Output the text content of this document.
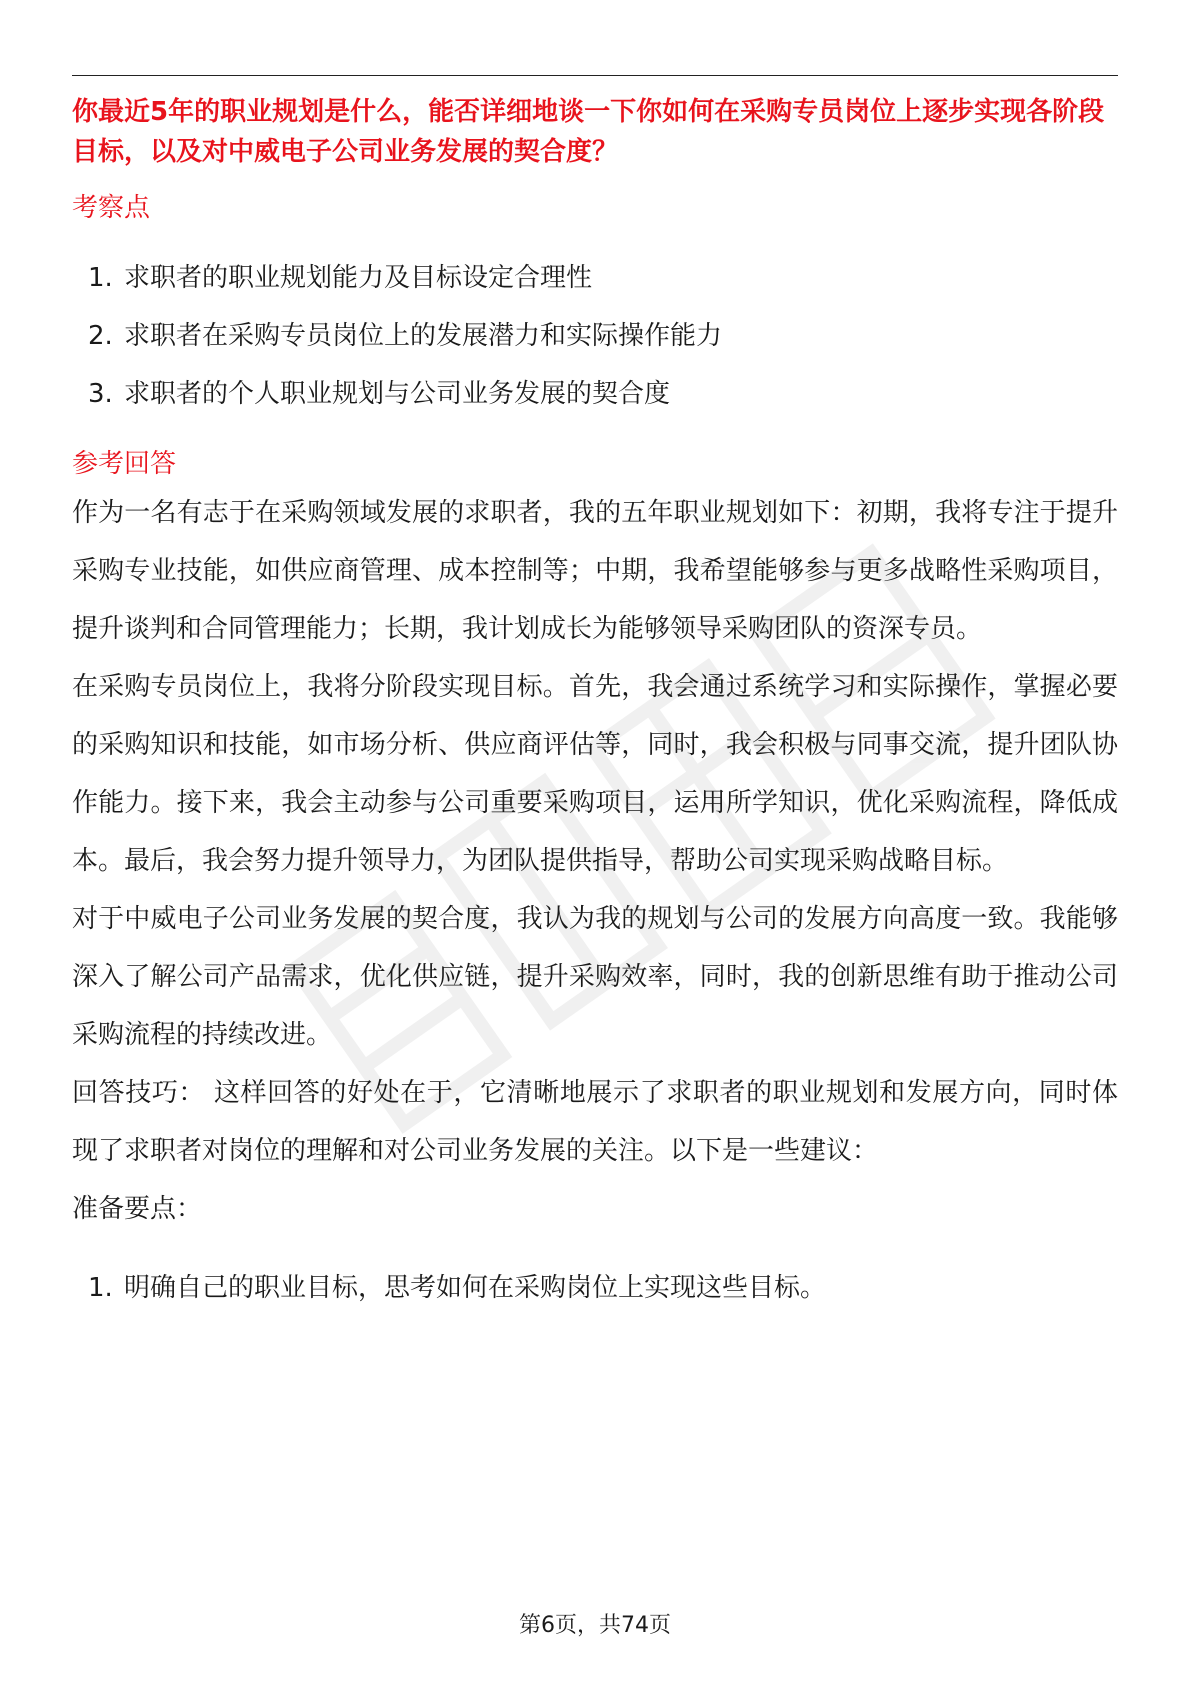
你最近5年的职业规划是什么，能否详细地谈一下你如何在采购专员岗位上逐步实现各阶段目标，以及对中威电子公司业务发展的契合度？

考察点

1. 求职者的职业规划能力及目标设定合理性
2. 求职者在采购专员岗位上的发展潜力和实际操作能力
3. 求职者的个人职业规划与公司业务发展的契合度

参考回答

作为一名有志于在采购领域发展的求职者，我的五年职业规划如下：初期，我将专注于提升采购专业技能，如供应商管理、成本控制等；中期，我希望能够参与更多战略性采购项目，提升谈判和合同管理能力；长期，我计划成长为能够领导采购团队的资深专员。

在采购专员岗位上，我将分阶段实现目标。首先，我会通过系统学习和实际操作，掌握必要的采购知识和技能，如市场分析、供应商评估等，同时，我会积极与同事交流，提升团队协作能力。接下来，我会主动参与公司重要采购项目，运用所学知识，优化采购流程，降低成本。最后，我会努力提升领导力，为团队提供指导，帮助公司实现采购战略目标。

对于中威电子公司业务发展的契合度，我认为我的规划与公司的发展方向高度一致。我能够深入了解公司产品需求，优化供应链，提升采购效率，同时，我的创新思维有助于推动公司采购流程的持续改进。

回答技巧： 这样回答的好处在于，它清晰地展示了求职者的职业规划和发展方向，同时体现了求职者对岗位的理解和对公司业务发展的关注。以下是一些建议：

准备要点：

1. 明确自己的职业目标，思考如何在采购岗位上实现这些目标。
第6页，共74页
